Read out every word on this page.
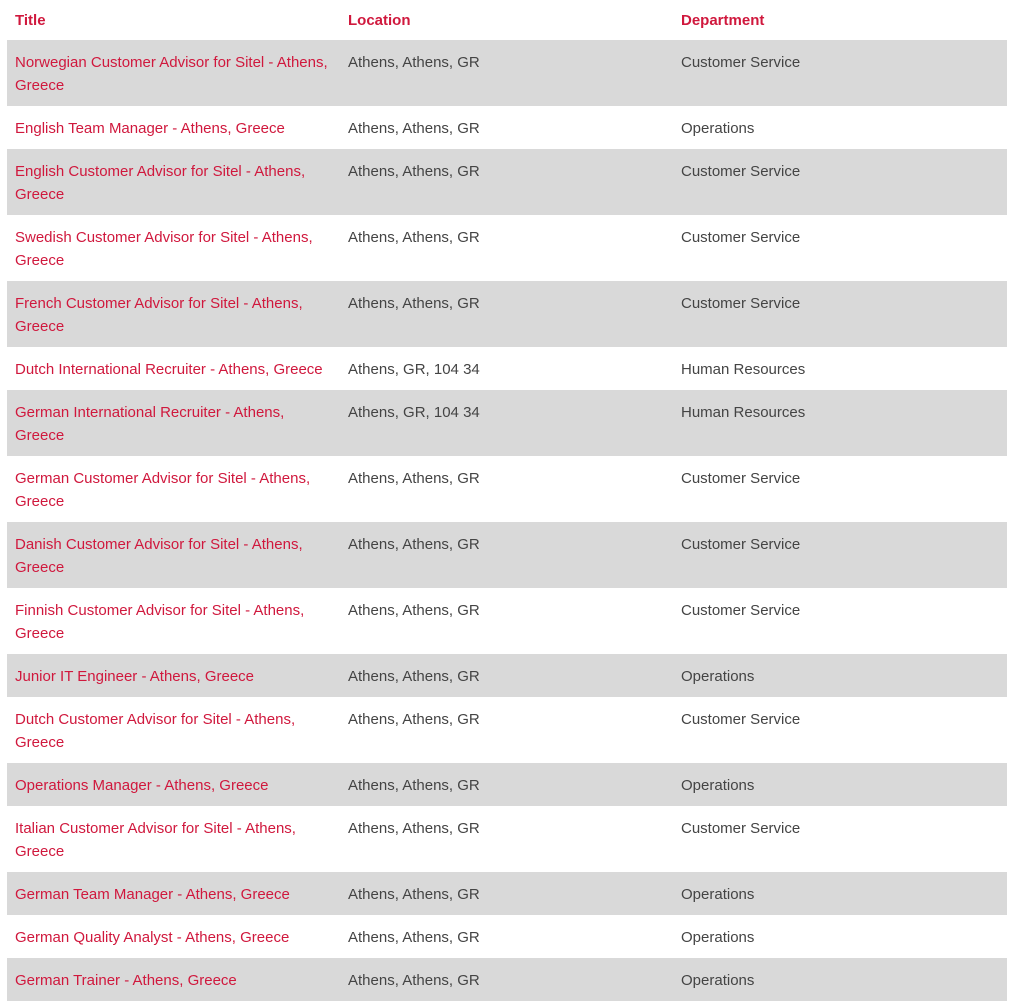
Title	Location	Department
Norwegian Customer Advisor for Sitel - Athens, Greece	Athens, Athens, GR	Customer Service
English Team Manager - Athens, Greece	Athens, Athens, GR	Operations
English Customer Advisor for Sitel - Athens, Greece	Athens, Athens, GR	Customer Service
Swedish Customer Advisor for Sitel - Athens, Greece	Athens, Athens, GR	Customer Service
French Customer Advisor for Sitel - Athens, Greece	Athens, Athens, GR	Customer Service
Dutch International Recruiter - Athens, Greece	Athens, GR, 104 34	Human Resources
German International Recruiter - Athens, Greece	Athens, GR, 104 34	Human Resources
German Customer Advisor for Sitel - Athens, Greece	Athens, Athens, GR	Customer Service
Danish Customer Advisor for Sitel - Athens, Greece	Athens, Athens, GR	Customer Service
Finnish Customer Advisor for Sitel - Athens, Greece	Athens, Athens, GR	Customer Service
Junior IT Engineer - Athens, Greece	Athens, Athens, GR	Operations
Dutch Customer Advisor for Sitel - Athens, Greece	Athens, Athens, GR	Customer Service
Operations Manager - Athens, Greece	Athens, Athens, GR	Operations
Italian Customer Advisor for Sitel - Athens, Greece	Athens, Athens, GR	Customer Service
German Team Manager - Athens, Greece	Athens, Athens, GR	Operations
German Quality Analyst - Athens, Greece	Athens, Athens, GR	Operations
German Trainer - Athens, Greece	Athens, Athens, GR	Operations
